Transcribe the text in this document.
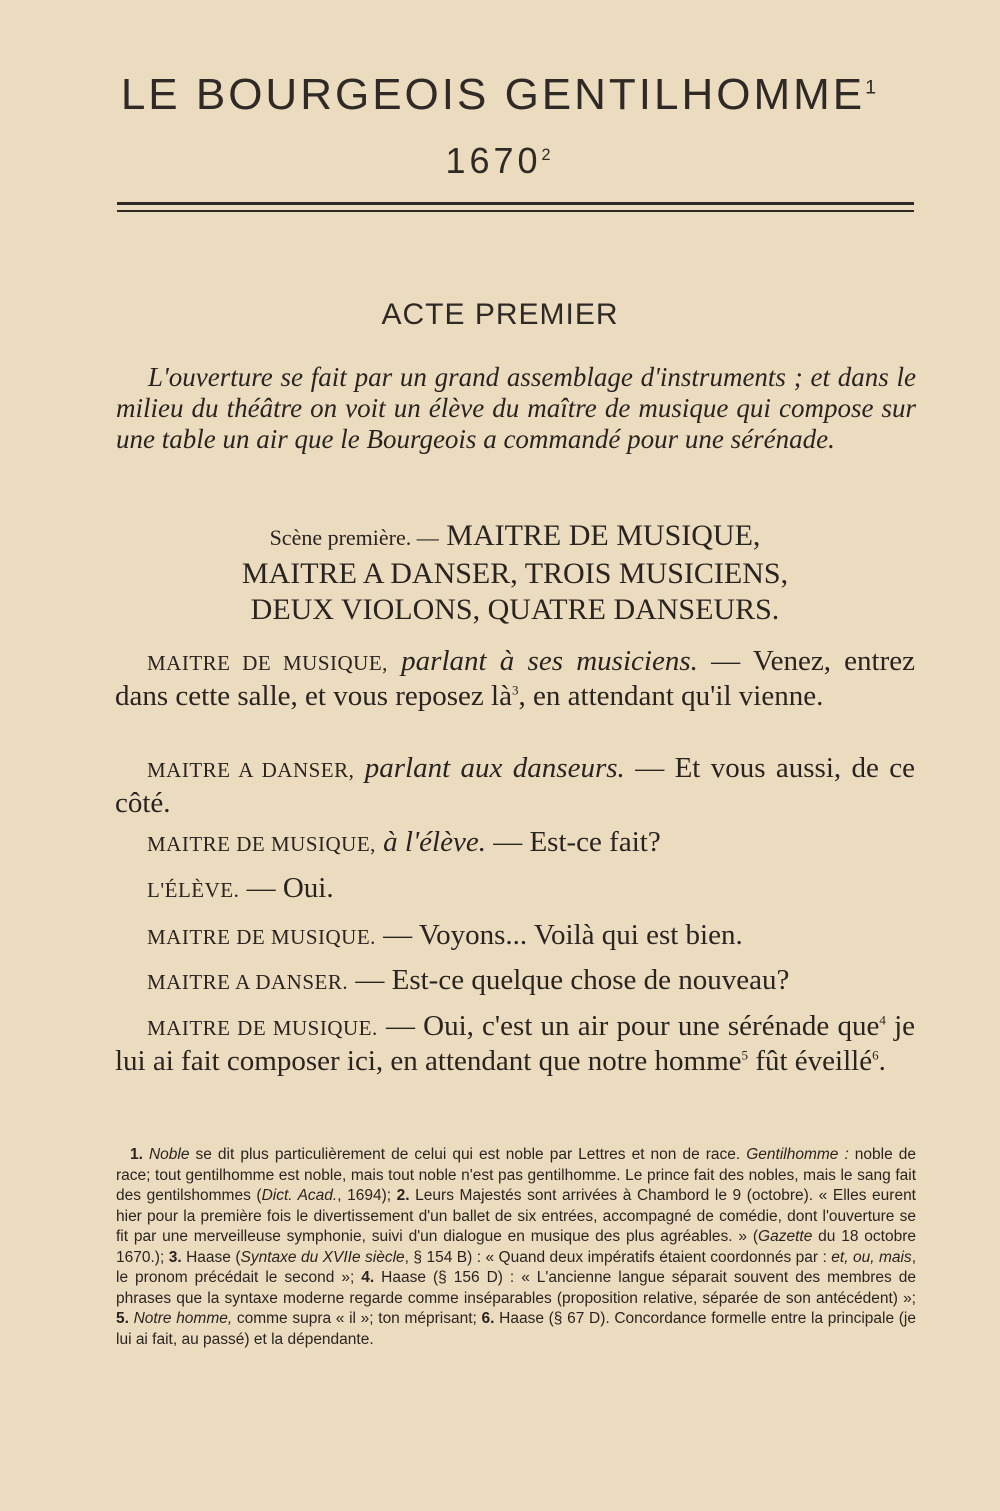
LE BOURGEOIS GENTILHOMME$^1$
1670$^2$
ACTE PREMIER
L'ouverture se fait par un grand assemblage d'instruments ; et dans le milieu du théâtre on voit un élève du maître de musique qui compose sur une table un air que le Bourgeois a commandé pour une sérénade.
Scène première. — MAITRE DE MUSIQUE,
MAITRE A DANSER, TROIS MUSICIENS,
DEUX VIOLONS, QUATRE DANSEURS.
MAITRE DE MUSIQUE, parlant à ses musiciens. — Venez, entrez dans cette salle, et vous reposez $là^3$, en attendant qu'il vienne.
MAITRE A DANSER, parlant aux danseurs. — Et vous aussi, de ce côté.
MAITRE DE MUSIQUE, à l'élève. — Est-ce fait?
L'ÉLÈVE. — Oui.
MAITRE DE MUSIQUE. — Voyons... Voilà qui est bien.
MAITRE A DANSER. — Est-ce quelque chose de nouveau?
MAITRE DE MUSIQUE. — Oui, c'est un air pour une sérénade que$^4$ je lui ai fait composer ici, en attendant que notre homme$^5$ fût éveillé$^6$.
1. Noble se dit plus particulièrement de celui qui est noble par Lettres et non de race. Gentilhomme : noble de race; tout gentilhomme est noble, mais tout noble n'est pas gentilhomme. Le prince fait des nobles, mais le sang fait des gentilshommes (Dict. Acad., 1694); 2. Leurs Majestés sont arrivées à Chambord le 9 (octobre). « Elles eurent hier pour la première fois le divertissement d'un ballet de six entrées, accompagné de comédie, dont l'ouverture se fit par une merveilleuse symphonie, suivi d'un dialogue en musique des plus agréables. » (Gazette du 18 octobre 1670.); 3. Haase (Syntaxe du XVIIe siècle, § 154 B) : « Quand deux impératifs étaient coordonnés par : et, ou, mais, le pronom précédait le second »; 4. Haase (§ 156 D) : « L'ancienne langue séparait souvent des membres de phrases que la syntaxe moderne regarde comme inséparables (proposition relative, séparée de son antécédent) »; 5. Notre homme, comme supra « il »; ton méprisant; 6. Haase (§ 67 D). Concordance formelle entre la principale (je lui ai fait, au passé) et la dépendante.
